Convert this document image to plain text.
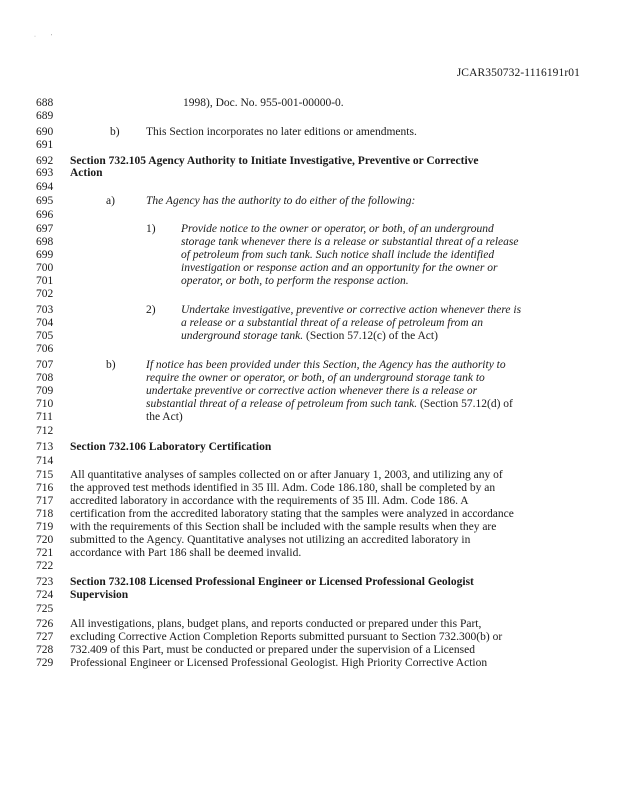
·          '
JCAR350732-1116191r01
688
689
690
691
692
693
694
695
696
697
698
699
700
701
702
703
704
705
706
707
708
709
710
711
712
713
714
715
716
717
718
719
720
721
722
723
724
725
726
727
728
729
1998), Doc. No. 955-001-00000-0.
b) This Section incorporates no later editions or amendments.
Section 732.105 Agency Authority to Initiate Investigative, Preventive or Corrective
Action
a)	The Agency has the authority to do either of the following:
1) Provide notice to the owner or operator, or both, of an underground
storage tank whenever there is a release or substantial threat of a release
of petroleum from such tank. Such notice shall include the identified
investigation or response action and an opportunity for the owner or
operator, or both, to perform the response action.
2) Undertake investigative, preventive or corrective action whenever there is
a release or a substantial threat of a release of petroleum from an
underground storage tank. (Section 57.12(c) of the Act)
b)	If notice has been provided under this Section, the Agency has the authority to
require the owner or operator, or both, of an underground storage tank to
undertake preventive or corrective action whenever there is a release or
substantial threat of a release of petroleum from such tank. (Section 57.12(d) of
the Act)
Section 732.106 Laboratory Certification
All quantitative analyses of samples collected on or after January 1, 2003, and utilizing any of
the approved test methods identified in 35 Ill. Adm. Code 186.180, shall be completed by an
accredited laboratory in accordance with the requirements of 35 Ill. Adm. Code 186. A
certification from the accredited laboratory stating that the samples were analyzed in accordance
with the requirements of this Section shall be included with the sample results when they are
submitted to the Agency. Quantitative analyses not utilizing an accredited laboratory in
accordance with Part 186 shall be deemed invalid.
Section 732.108 Licensed Professional Engineer or Licensed Professional Geologist
Supervision
All investigations, plans, budget plans, and reports conducted or prepared under this Part,
excluding Corrective Action Completion Reports submitted pursuant to Section 732.300(b) or
732.409 of this Part, must be conducted or prepared under the supervision of a Licensed
Professional Engineer or Licensed Professional Geologist. High Priority Corrective Action
